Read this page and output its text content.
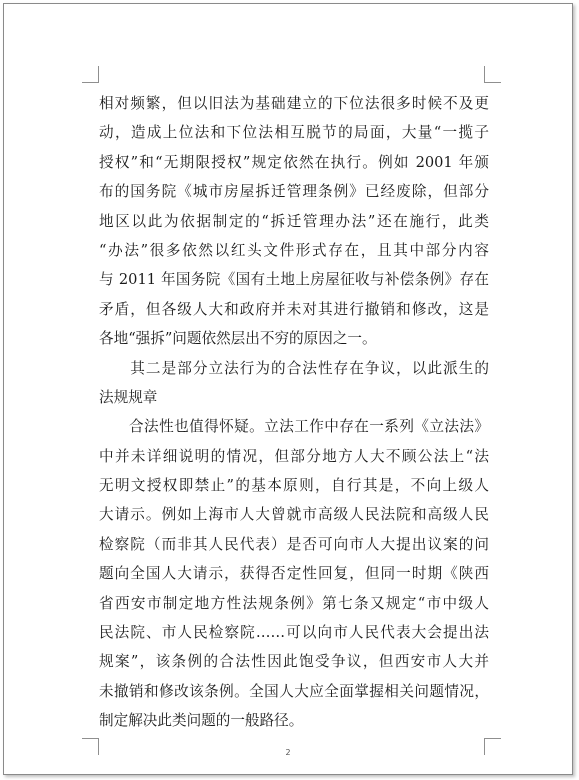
相对频繁，但以旧法为基础建立的下位法很多时候不及更
动，造成上位法和下位法相互脱节的局面，大量“一揽子
授权”和“无期限授权”规定依然在执行。例如 2001 年颁
布的国务院《城市房屋拆迁管理条例》已经废除，但部分
地区以此为依据制定的“拆迁管理办法”还在施行，此类
“办法”很多依然以红头文件形式存在，且其中部分内容
与 2011 年国务院《国有土地上房屋征收与补偿条例》存在
矛盾，但各级人大和政府并未对其进行撤销和修改，这是
各地“强拆”问题依然层出不穷的原因之一。
　　其二是部分立法行为的合法性存在争议，以此派生的
法规规章
　　合法性也值得怀疑。立法工作中存在一系列《立法法》
中并未详细说明的情况，但部分地方人大不顾公法上“法
无明文授权即禁止”的基本原则，自行其是，不向上级人
大请示。例如上海市人大曾就市高级人民法院和高级人民
检察院（而非其人民代表）是否可向市人大提出议案的问
题向全国人大请示，获得否定性回复，但同一时期《陕西
省西安市制定地方性法规条例》第七条又规定“市中级人
民法院、市人民检察院……可以向市人民代表大会提出法
规案”，该条例的合法性因此饱受争议，但西安市人大并
未撤销和修改该条例。全国人大应全面掌握相关问题情况，
制定解决此类问题的一般路径。
2
